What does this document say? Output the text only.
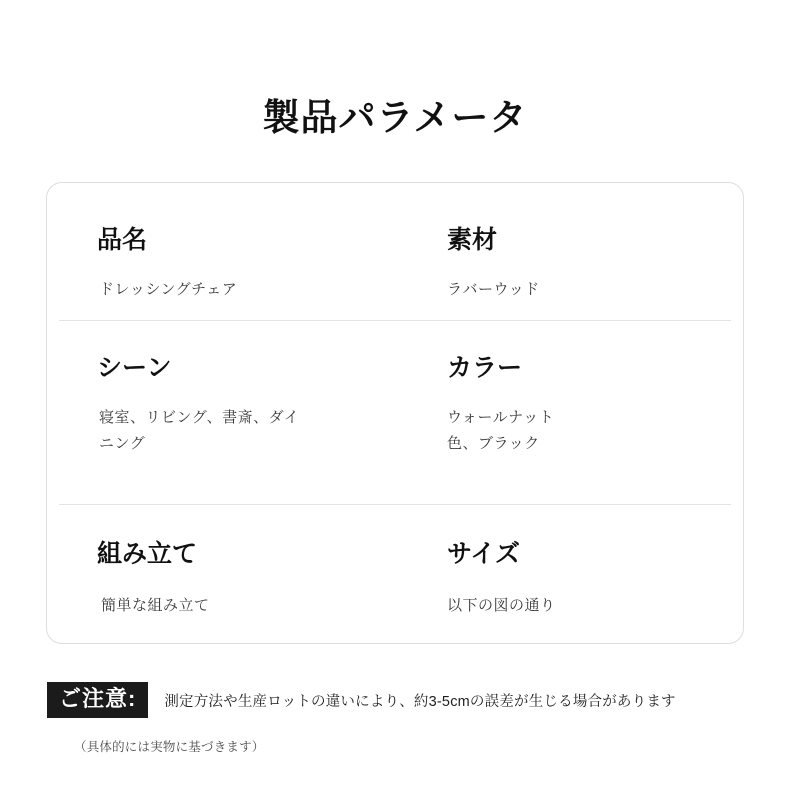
製品パラメータ
品名
ドレッシングチェア
素材
ラバーウッド
シーン
寝室、リビング、書斎、ダイニング
カラー
ウォールナット色、ブラック
組み立て
簡単な組み立て
サイズ
以下の図の通り
ご注意:	測定方法や生産ロットの違いにより、約3-5cmの誤差が生じる場合があります
（具体的には実物に基づきます）
